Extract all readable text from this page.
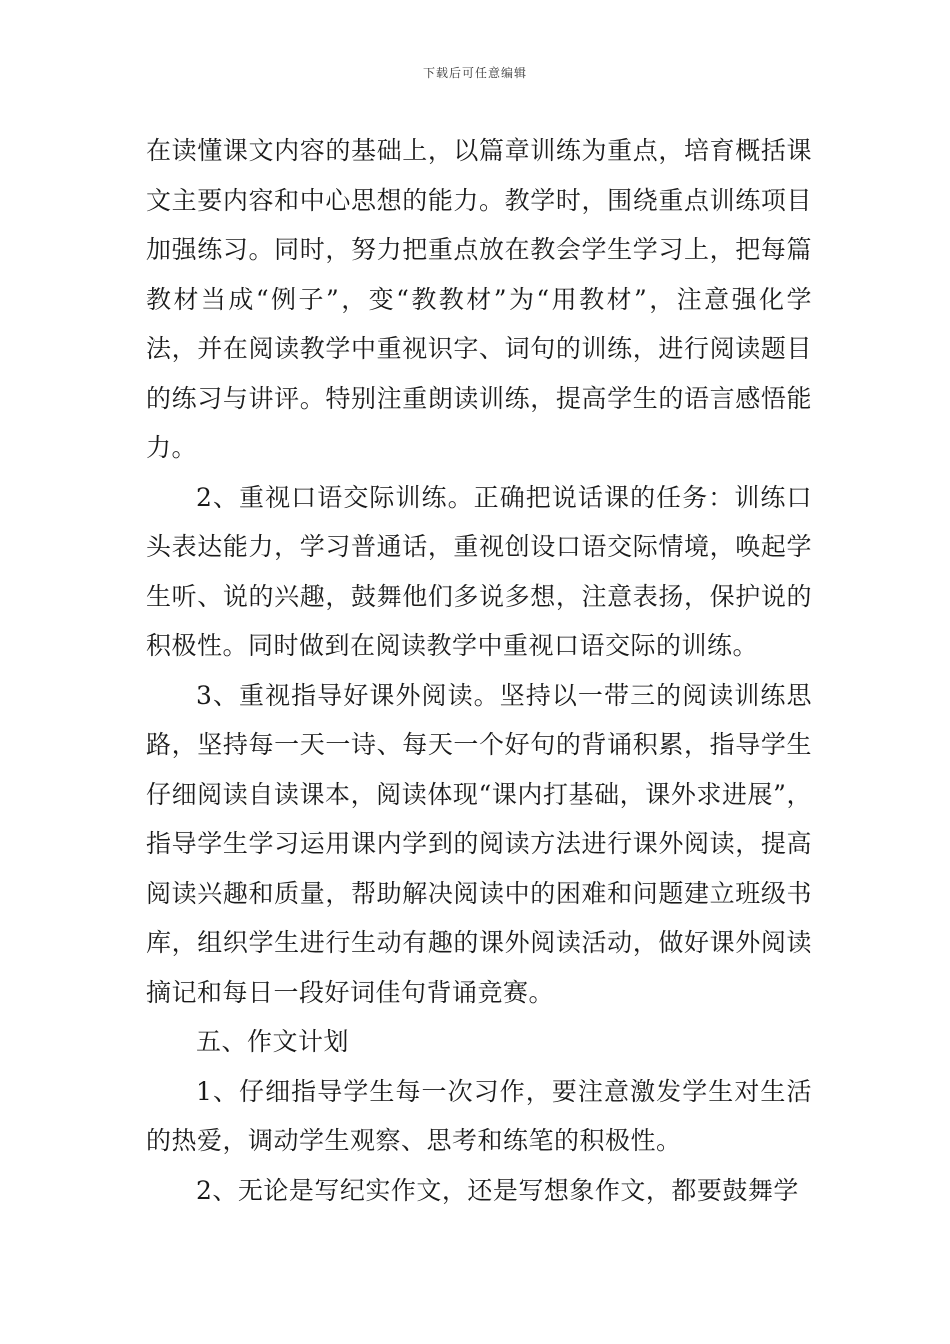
下载后可任意编辑

在读懂课文内容的基础上，以篇章训练为重点，培育概括课文主要内容和中心思想的能力。教学时，围绕重点训练项目加强练习。同时，努力把重点放在教会学生学习上，把每篇教材当成“例子”，变“教教材”为“用教材”，注意强化学法，并在阅读教学中重视识字、词句的训练，进行阅读题目的练习与讲评。特别注重朗读训练，提高学生的语言感悟能力。

2、重视口语交际训练。正确把说话课的任务：训练口头表达能力，学习普通话，重视创设口语交际情境，唤起学生听、说的兴趣，鼓舞他们多说多想，注意表扬，保护说的积极性。同时做到在阅读教学中重视口语交际的训练。

3、重视指导好课外阅读。坚持以一带三的阅读训练思路，坚持每一天一诗、每天一个好句的背诵积累，指导学生仔细阅读自读课本，阅读体现“课内打基础，课外求进展”，指导学生学习运用课内学到的阅读方法进行课外阅读，提高阅读兴趣和质量，帮助解决阅读中的困难和问题建立班级书库，组织学生进行生动有趣的课外阅读活动，做好课外阅读摘记和每日一段好词佳句背诵竞赛。

五、作文计划

1、仔细指导学生每一次习作，要注意激发学生对生活的热爱，调动学生观察、思考和练笔的积极性。

2、无论是写纪实作文，还是写想象作文，都要鼓舞学
